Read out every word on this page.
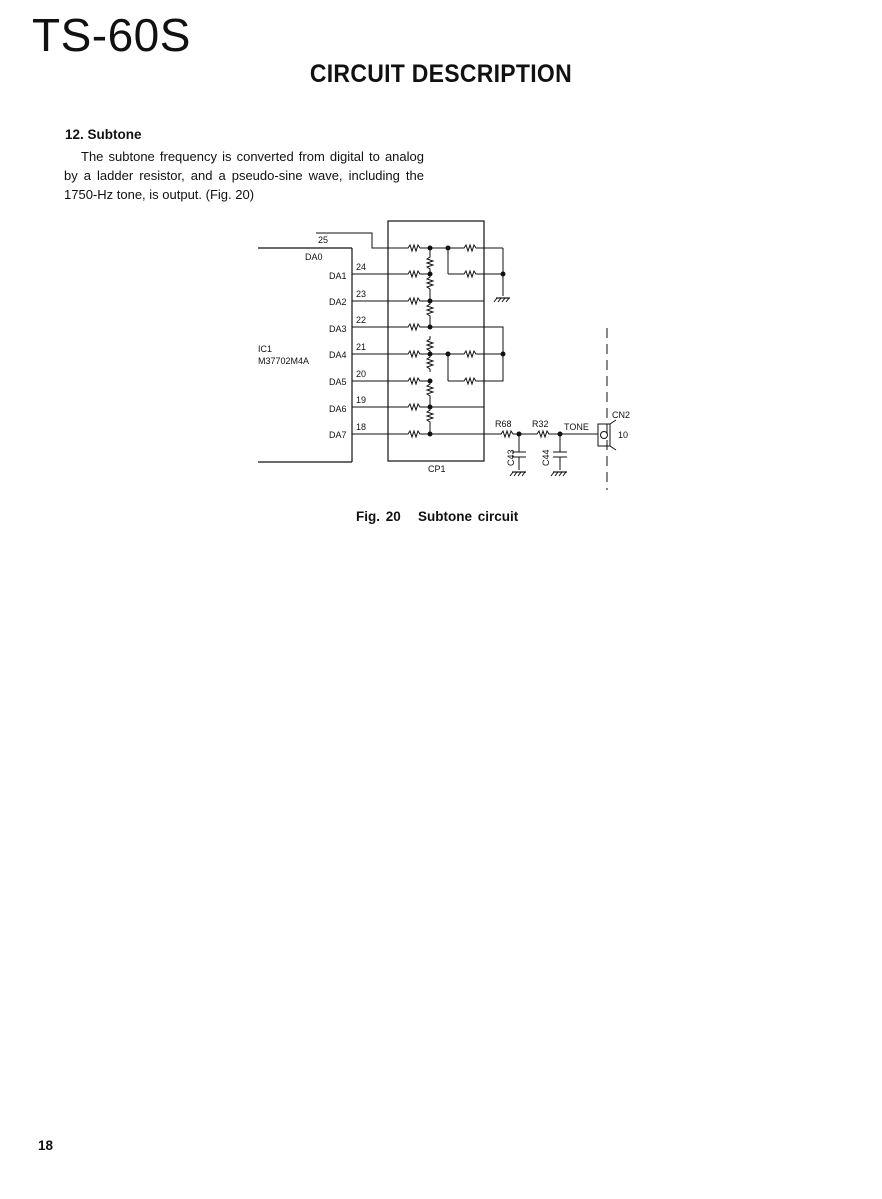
TS-60S
CIRCUIT DESCRIPTION
12. Subtone
The subtone frequency is converted from digital to analog by a ladder resistor, and a pseudo-sine wave, including the 1750-Hz tone, is output. (Fig. 20)
DA0
DA1
DA2
DA3
DA4
DA5
DA6
DA7
25
24
23
22
21
20
19
18
IC1
M37702M4A
CP1
R68 R32 TONE
CN2
10
C43	C44
Fig. 20   Subtone circuit
18
